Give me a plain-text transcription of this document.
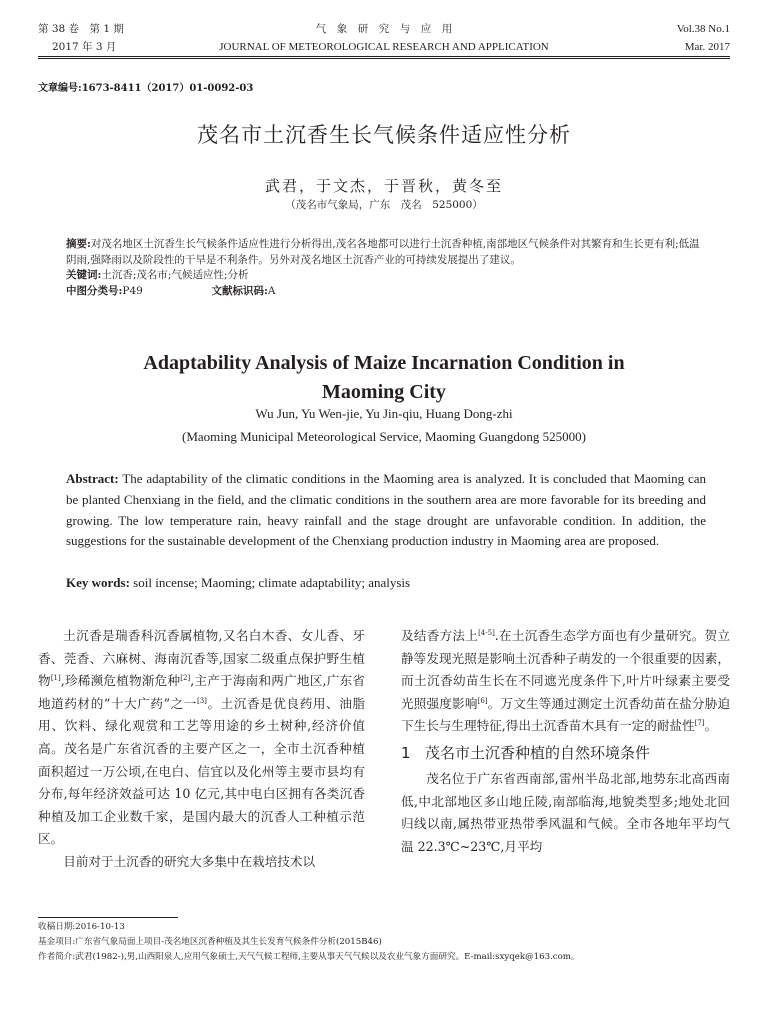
第 38 卷　第 1 期
2017 年 3 月
气　象　研　究　与　应　用
JOURNAL OF METEOROLOGICAL RESEARCH AND APPLICATION
Vol.38 No.1
Mar. 2017
文章编号:1673-8411（2017）01-0092-03
茂名市土沉香生长气候条件适应性分析
武君，于文杰，于晋秋，黄冬至
（茂名市气象局，广东　茂名　525000）
摘要:对茂名地区土沉香生长气候条件适应性进行分析得出,茂名各地都可以进行土沉香种植,南部地区气候条件对其繁育和生长更有利;低温阴雨,强降雨以及阶段性的干旱是不利条件。另外对茂名地区土沉香产业的可持续发展提出了建议。
关键词:土沉香;茂名市;气候适应性;分析
中图分类号:P49	文献标识码:A
Adaptability Analysis of Maize Incarnation Condition in
Maoming City
Wu Jun, Yu Wen-jie, Yu Jin-qiu, Huang Dong-zhi
(Maoming Municipal Meteorological Service, Maoming Guangdong 525000)
Abstract: The adaptability of the climatic conditions in the Maoming area is analyzed. It is concluded that Maoming can be planted Chenxiang in the field, and the climatic conditions in the southern area are more favorable for its breeding and growing. The low temperature rain, heavy rainfall and the stage drought are unfavorable condition. In addition, the suggestions for the sustainable development of the Chenxiang production industry in Maoming area are proposed.
Key words: soil incense; Maoming; climate adaptability; analysis

土沉香是瑞香科沉香属植物,又名白木香、女儿香、牙香、莞香、六麻树、海南沉香等,国家二级重点保护野生植物[1],珍稀濒危植物渐危种[2],主产于海南和两广地区,广东省地道药材的“十大广药”之一[3]。土沉香是优良药用、油脂用、饮料、绿化观赏和工艺等用途的乡土树种,经济价值高。茂名是广东省沉香的主要产区之一，全市土沉香种植面积超过一万公顷,在电白、信宜以及化州等主要市县均有分布,每年经济效益可达 10 亿元,其中电白区拥有各类沉香种植及加工企业数千家，是国内最大的沉香人工种植示范区。

目前对于土沉香的研究大多集中在栽培技术以

及结香方法上[4-5].在土沉香生态学方面也有少量研究。贺立静等发现光照是影响土沉香种子萌发的一个很重要的因素，而土沉香幼苗生长在不同遮光度条件下,叶片叶绿素主要受光照强度影响[6]。万文生等通过测定土沉香幼苗在盐分胁迫下生长与生理特征,得出土沉香苗木具有一定的耐盐性[7]。

1 茂名市土沉香种植的自然环境条件

茂名位于广东省西南部,雷州半岛北部,地势东北高西南低,中北部地区多山地丘陵,南部临海,地貌类型多;地处北回归线以南,属热带亚热带季风温和气候。全市各地年平均气温 22.3℃~23℃,月平均

收稿日期:2016-10-13
基金项目:广东省气象局面上项目-茂名地区沉香种植及其生长发育气候条件分析(2015B46)
作者简介:武君(1982-),男,山西阳泉人,应用气象硕士,天气气候工程师,主要从事天气气候以及农业气象方面研究。E-mail:sxyqek@163.com。
